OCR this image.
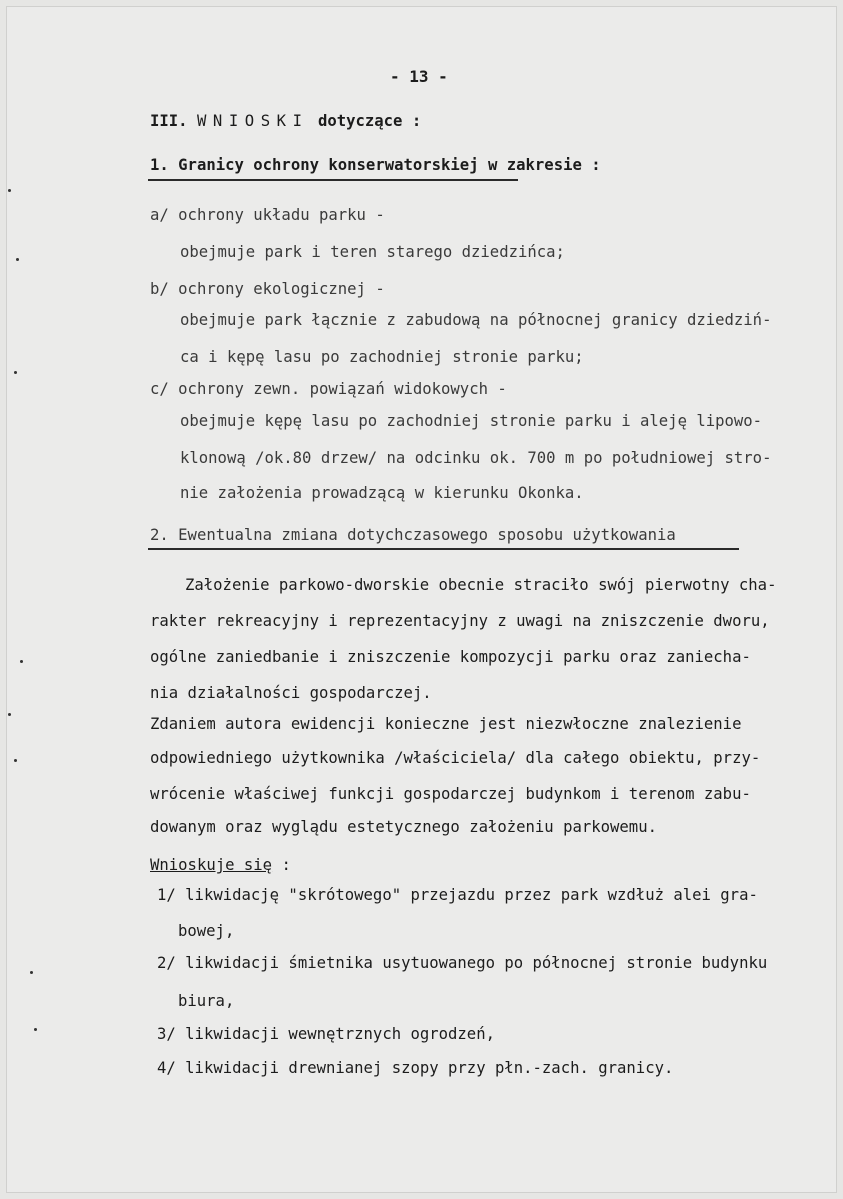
- 13 -
III. WNIOSKI dotyczące :
1. Granicy ochrony konserwatorskiej w zakresie :
a/ ochrony układu parku -
obejmuje park i teren starego dziedzińca;
b/ ochrony ekologicznej -
obejmuje park łącznie z zabudową na północnej granicy dziedziń-
ca i kępę lasu po zachodniej stronie parku;
c/ ochrony zewn. powiązań widokowych -
obejmuje kępę lasu po zachodniej stronie parku i aleję lipowo-
klonową /ok.80 drzew/ na odcinku ok. 700 m po południowej stro-
nie założenia prowadzącą w kierunku Okonka.
2. Ewentualna zmiana dotychczasowego sposobu użytkowania
Założenie parkowo-dworskie obecnie straciło swój pierwotny cha-
rakter rekreacyjny i reprezentacyjny z uwagi na zniszczenie dworu,
ogólne zaniedbanie i zniszczenie kompozycji parku oraz zaniecha-
nia działalności gospodarczej.
Zdaniem autora ewidencji konieczne jest niezwłoczne znalezienie
odpowiedniego użytkownika /właściciela/ dla całego obiektu, przy-
wrócenie właściwej funkcji gospodarczej budynkom i terenom zabu-
dowanym oraz wyglądu estetycznego założeniu parkowemu.
Wnioskuje się :
1/ likwidację "skrótowego" przejazdu przez park wzdłuż alei gra-
bowej,
2/ likwidacji śmietnika usytuowanego po północnej stronie budynku
biura,
3/ likwidacji wewnętrznych ogrodzeń,
4/ likwidacji drewnianej szopy przy płn.-zach. granicy.
